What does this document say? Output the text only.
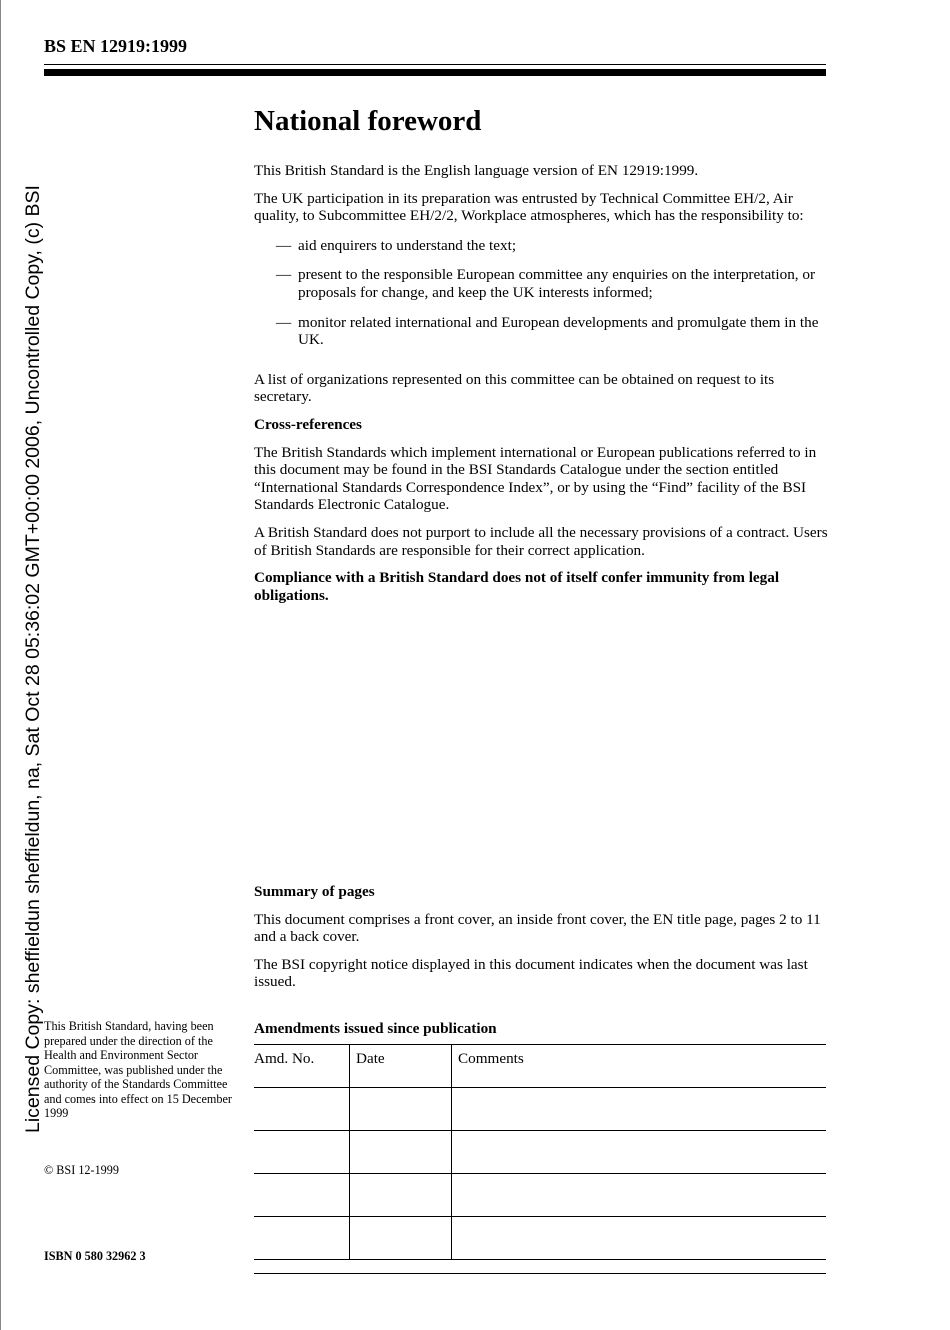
BS EN 12919:1999
Licensed Copy: sheffieldun sheffieldun, na, Sat Oct 28 05:36:02 GMT+00:00 2006, Uncontrolled Copy, (c) BSI
National foreword

This British Standard is the English language version of EN 12919:1999.

The UK participation in its preparation was entrusted by Technical Committee EH/2, Air quality, to Subcommittee EH/2/2, Workplace atmospheres, which has the responsibility to:

— aid enquirers to understand the text;
— present to the responsible European committee any enquiries on the interpretation, or proposals for change, and keep the UK interests informed;
— monitor related international and European developments and promulgate them in the UK.

A list of organizations represented on this committee can be obtained on request to its secretary.

Cross-references

The British Standards which implement international or European publications referred to in this document may be found in the BSI Standards Catalogue under the section entitled “International Standards Correspondence Index”, or by using the “Find” facility of the BSI Standards Electronic Catalogue.

A British Standard does not purport to include all the necessary provisions of a contract. Users of British Standards are responsible for their correct application.

Compliance with a British Standard does not of itself confer immunity from legal obligations.

Summary of pages

This document comprises a front cover, an inside front cover, the EN title page, pages 2 to 11 and a back cover.

The BSI copyright notice displayed in this document indicates when the document was last issued.

This British Standard, having been prepared under the direction of the Health and Environment Sector Committee, was published under the authority of the Standards Committee and comes into effect on 15 December 1999
© BSI 12-1999
ISBN 0 580 32962 3
Amendments issued since publication
Amd. No.	Date	Comments
